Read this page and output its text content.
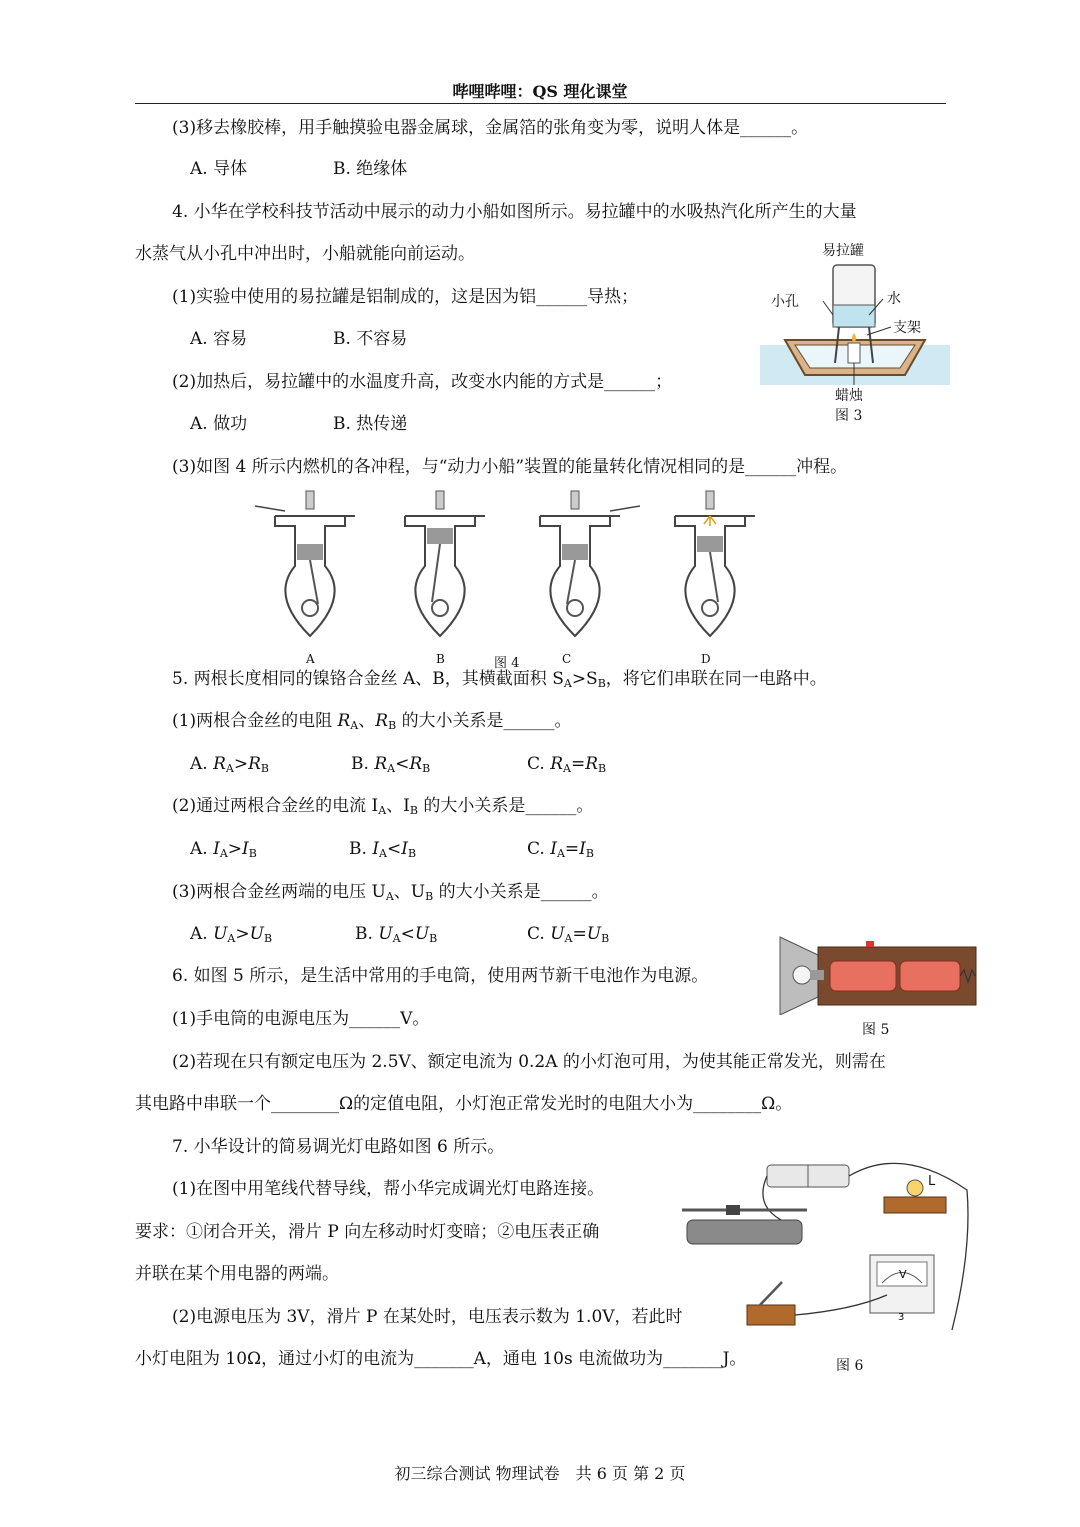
哔哩哔哩：QS 理化课堂
(3)移去橡胶棒，用手触摸验电器金属球，金属箔的张角变为零，说明人体是______。
A. 导体	B. 绝缘体
4. 小华在学校科技节活动中展示的动力小船如图所示。易拉罐中的水吸热汽化所产生的大量
水蒸气从小孔中冲出时，小船就能向前运动。
(1)实验中使用的易拉罐是铝制成的，这是因为铝______导热；
A. 容易	B. 不容易
(2)加热后，易拉罐中的水温度升高，改变水内能的方式是______；
A. 做功	B. 热传递
(3)如图 4 所示内燃机的各冲程，与“动力小船”装置的能量转化情况相同的是______冲程。
易拉罐
小孔	水
支架
蜡烛
图 3
A	B	图 4	C	D
5. 两根长度相同的镍铬合金丝 A、B，其横截面积 $S_A>S_B$，将它们串联在同一电路中。
(1)两根合金丝的电阻 $R_A$、$R_B$ 的大小关系是______。
A. $R_A>R_B$	B. $R_A<R_B$	C. $R_A=R_B$
(2)通过两根合金丝的电流 $I_A$、$I_B$ 的大小关系是______。
A. $I_A>I_B$	B. $I_A<I_B$	C. $I_A=I_B$
(3)两根合金丝两端的电压 $U_A$、$U_B$ 的大小关系是______。
A. $U_A>U_B$	B. $U_A<U_B$	C. $U_A=U_B$
6. 如图 5 所示，是生活中常用的手电筒，使用两节新干电池作为电源。
(1)手电筒的电源电压为______V。
(2)若现在只有额定电压为 2.5V、额定电流为 0.2A 的小灯泡可用，为使其能正常发光，则需在
其电路中串联一个________Ω的定值电阻，小灯泡正常发光时的电阻大小为________Ω。
图 5
7. 小华设计的简易调光灯电路如图 6 所示。
(1)在图中用笔线代替导线，帮小华完成调光灯电路连接。
要求：①闭合开关，滑片 P 向左移动时灯变暗；②电压表正确
并联在某个用电器的两端。
(2)电源电压为 3V，滑片 P 在某处时，电压表示数为 1.0V，若此时
小灯电阻为 10Ω，通过小灯的电流为_______A，通电 10s 电流做功为_______J。
L
V
3
图 6
初三综合测试 物理试卷　共 6 页 第 2 页
